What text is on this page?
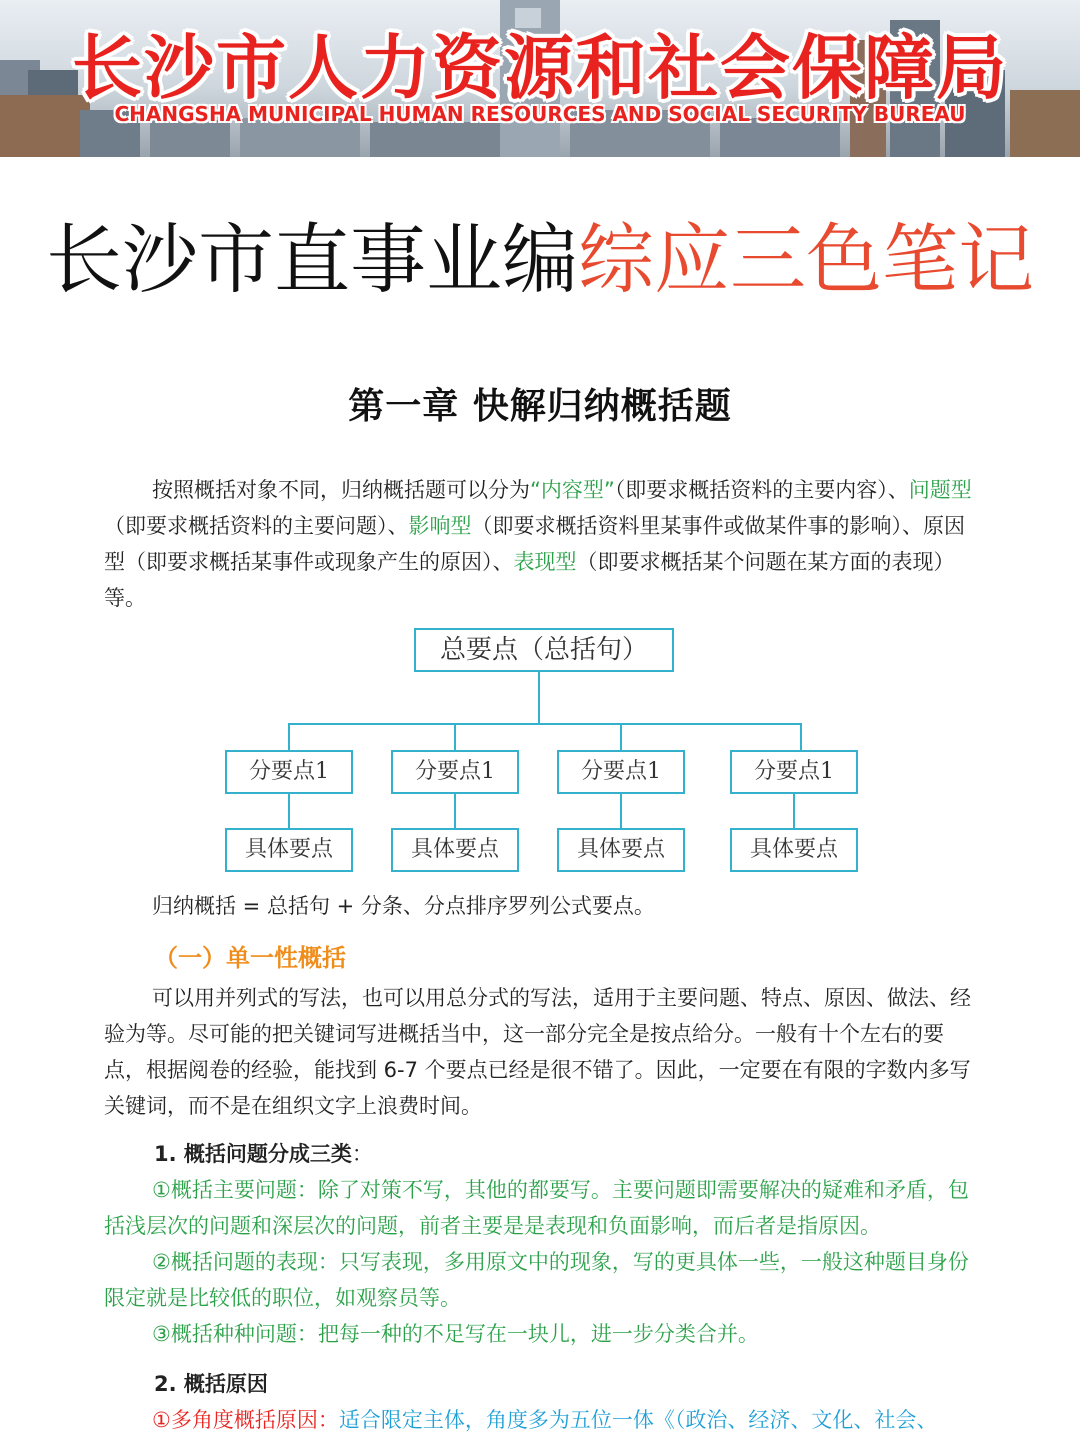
长沙市人力资源和社会保障局
CHANGSHA MUNICIPAL HUMAN RESOURCES AND SOCIAL SECURITY BUREAU
长沙市直事业编综应三色笔记
第一章 快解归纳概括题
按照概括对象不同，归纳概括题可以分为“内容型”（即要求概括资料的主要内容）、问题型（即要求概括资料的主要问题）、影响型（即要求概括资料里某事件或做某件事的影响）、原因型（即要求概括某事件或现象产生的原因）、表现型（即要求概括某个问题在某方面的表现）等。
总要点（总括句）
分要点1	分要点1	分要点1	分要点1
具体要点	具体要点	具体要点	具体要点
归纳概括 = 总括句 + 分条、分点排序罗列公式要点。
（一）单一性概括
可以用并列式的写法，也可以用总分式的写法，适用于主要问题、特点、原因、做法、经验为等。尽可能的把关键词写进概括当中，这一部分完全是按点给分。一般有十个左右的要点，根据阅卷的经验，能找到 6-7 个要点已经是很不错了。因此，一定要在有限的字数内多写关键词，而不是在组织文字上浪费时间。
1. 概括问题分成三类：
①概括主要问题：除了对策不写，其他的都要写。主要问题即需要解决的疑难和矛盾，包括浅层次的问题和深层次的问题，前者主要是是表现和负面影响，而后者是指原因。
②概括问题的表现：只写表现，多用原文中的现象，写的更具体一些，一般这种题目身份限定就是比较低的职位，如观察员等。
③概括种种问题：把每一种的不足写在一块儿，进一步分类合并。
2. 概括原因
①多角度概括原因：适合限定主体，角度多为五位一体《（政治、经济、文化、社会、
